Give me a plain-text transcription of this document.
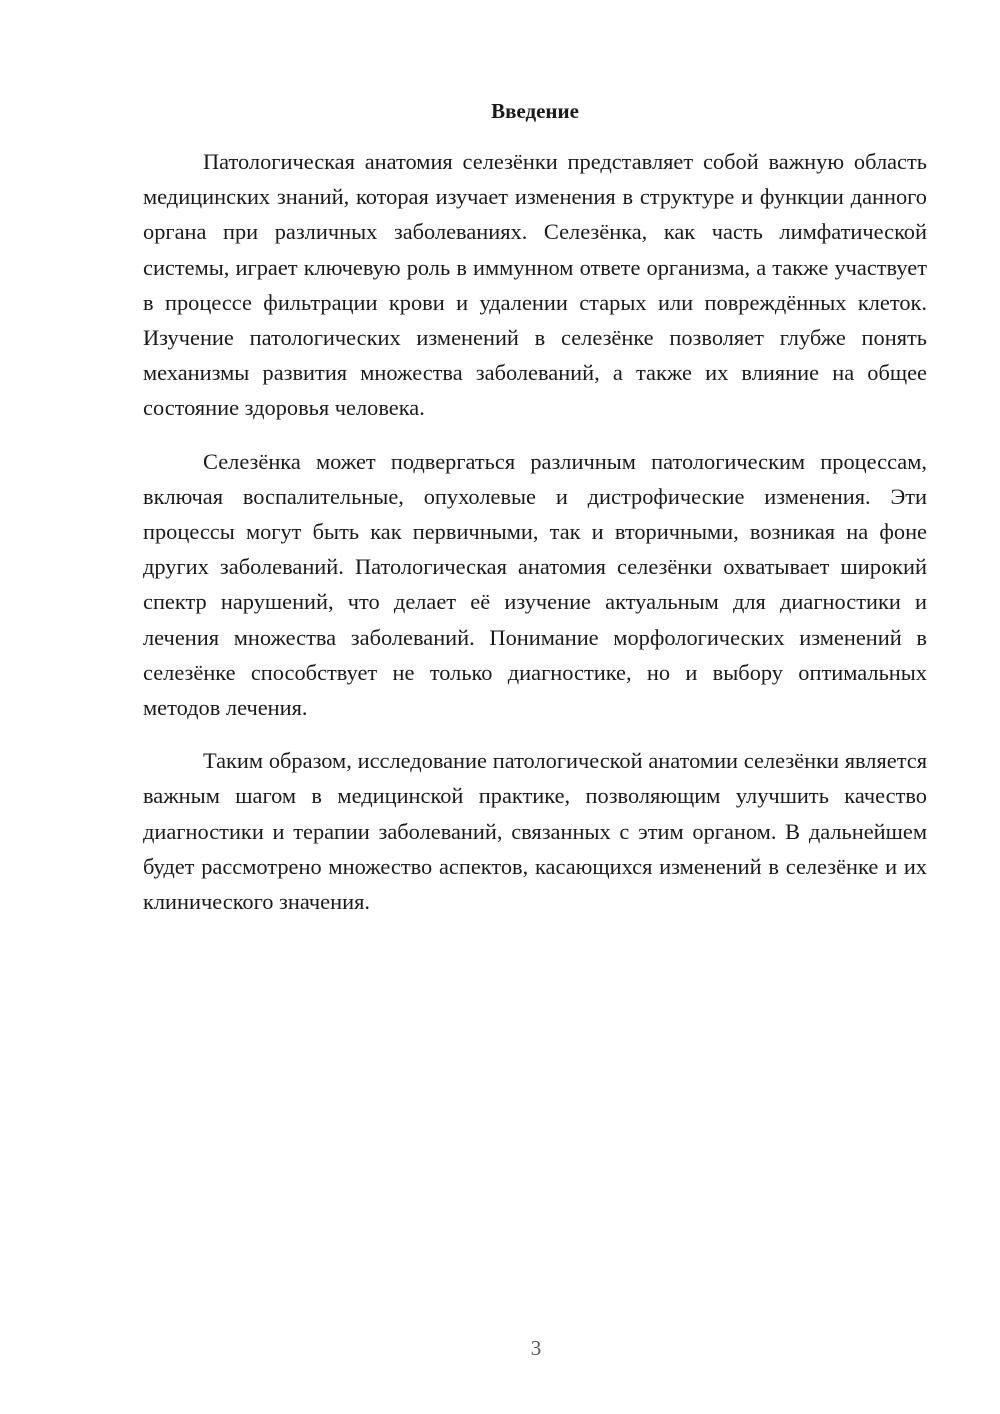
Введение

Патологическая анатомия селезёнки представляет собой важную область медицинских знаний, которая изучает изменения в структуре и функции данного органа при различных заболеваниях. Селезёнка, как часть лимфатической системы, играет ключевую роль в иммунном ответе организма, а также участвует в процессе фильтрации крови и удалении старых или повреждённых клеток. Изучение патологических изменений в селезёнке позволяет глубже понять механизмы развития множества заболеваний, а также их влияние на общее состояние здоровья человека.

Селезёнка может подвергаться различным патологическим процессам, включая воспалительные, опухолевые и дистрофические изменения. Эти процессы могут быть как первичными, так и вторичными, возникая на фоне других заболеваний. Патологическая анатомия селезёнки охватывает широкий спектр нарушений, что делает её изучение актуальным для диагностики и лечения множества заболеваний. Понимание морфологических изменений в селезёнке способствует не только диагностике, но и выбору оптимальных методов лечения.

Таким образом, исследование патологической анатомии селезёнки является важным шагом в медицинской практике, позволяющим улучшить качество диагностики и терапии заболеваний, связанных с этим органом. В дальнейшем будет рассмотрено множество аспектов, касающихся изменений в селезёнке и их клинического значения.

3
